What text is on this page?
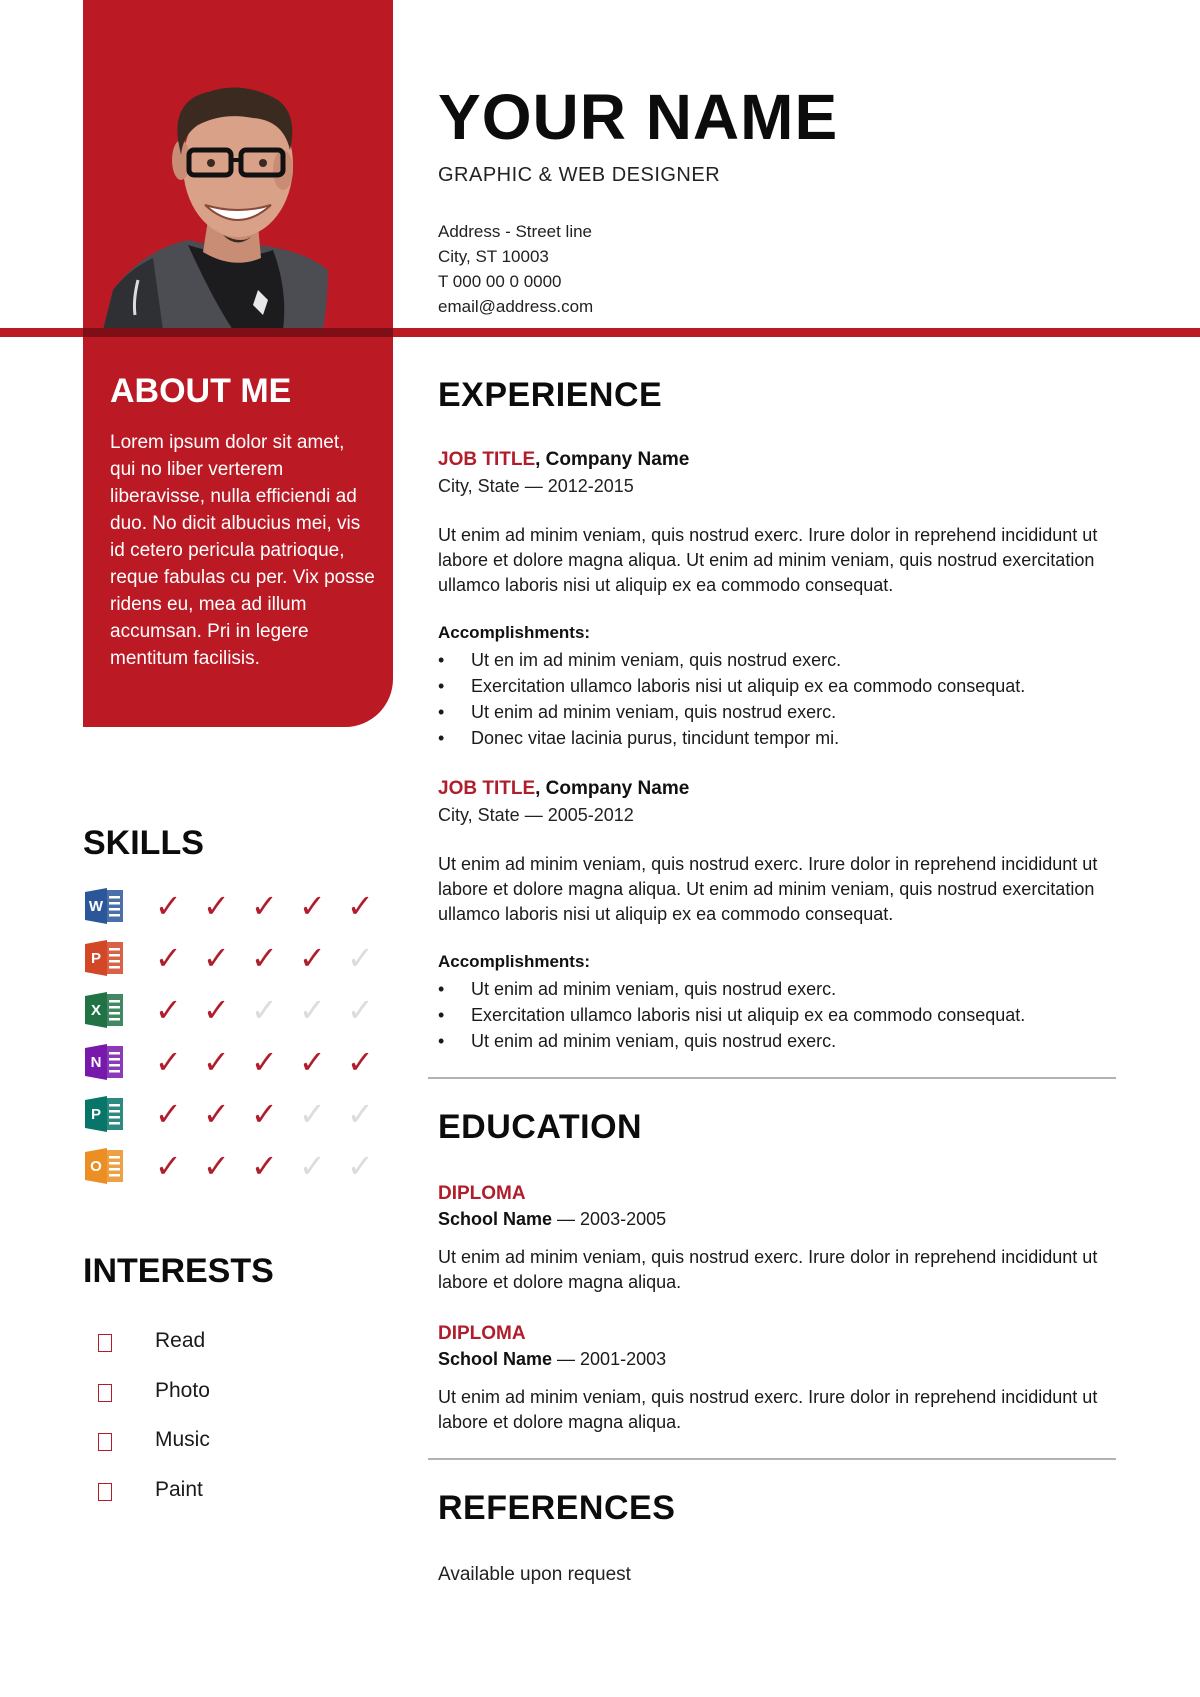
YOUR NAME
GRAPHIC & WEB DESIGNER
Address - Street line
City, ST 10003
T 000 00 0 0000
email@address.com
ABOUT ME
Lorem ipsum dolor sit amet, qui no liber verterem liberavisse, nulla efficiendi ad duo. No dicit albucius mei, vis id cetero pericula patrioque, reque fabulas cu per. Vix posse ridens eu, mea ad illum accumsan. Pri in legere mentitum facilisis.
SKILLS
W ✓ ✓ ✓ ✓ ✓
P ✓ ✓ ✓ ✓ ✓
X ✓ ✓ ✓ ✓ ✓
N ✓ ✓ ✓ ✓ ✓
P ✓ ✓ ✓ ✓ ✓
O ✓ ✓ ✓ ✓ ✓
INTERESTS
Read
Photo
Music
Paint
EXPERIENCE
JOB TITLE, Company Name
City, State — 2012-2015
Ut enim ad minim veniam, quis nostrud exerc. Irure dolor in reprehend incididunt ut labore et dolore magna aliqua. Ut enim ad minim veniam, quis nostrud exercitation ullamco laboris nisi ut aliquip ex ea commodo consequat.
Accomplishments:
• Ut en im ad minim veniam, quis nostrud exerc.
• Exercitation ullamco laboris nisi ut aliquip ex ea commodo consequat.
• Ut enim ad minim veniam, quis nostrud exerc.
• Donec vitae lacinia purus, tincidunt tempor mi.
JOB TITLE, Company Name
City, State — 2005-2012
Ut enim ad minim veniam, quis nostrud exerc. Irure dolor in reprehend incididunt ut labore et dolore magna aliqua. Ut enim ad minim veniam, quis nostrud exercitation ullamco laboris nisi ut aliquip ex ea commodo consequat.
Accomplishments:
• Ut enim ad minim veniam, quis nostrud exerc.
• Exercitation ullamco laboris nisi ut aliquip ex ea commodo consequat.
• Ut enim ad minim veniam, quis nostrud exerc.
EDUCATION
DIPLOMA
School Name — 2003-2005
Ut enim ad minim veniam, quis nostrud exerc. Irure dolor in reprehend incididunt ut labore et dolore magna aliqua.
DIPLOMA
School Name — 2001-2003
Ut enim ad minim veniam, quis nostrud exerc. Irure dolor in reprehend incididunt ut labore et dolore magna aliqua.
REFERENCES
Available upon request
